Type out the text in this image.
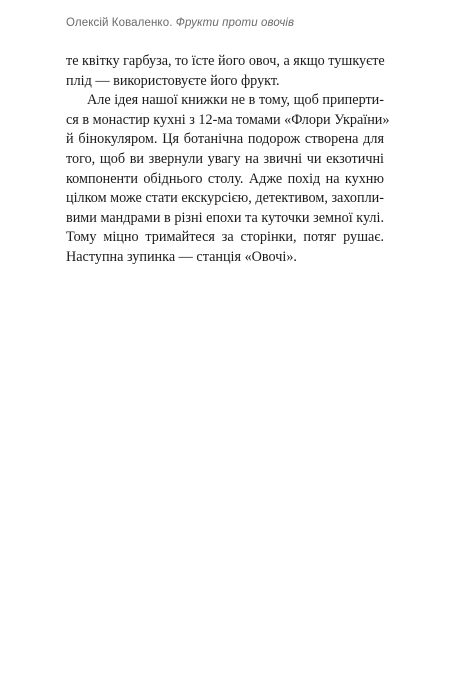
Олексій Коваленко. Фрукти проти овочів
те квітку гарбуза, то їсте його овоч, а якщо тушкуєте
плід — використовуєте його фрукт.
Але ідея нашої книжки не в тому, щоб приперти-
ся в монастир кухні з 12-ма томами «Флори України»
й бінокуляром. Ця ботанічна подорож створена для
того, щоб ви звернули увагу на звичні чи екзотичні
компоненти обіднього столу. Адже похід на кухню
цілком може стати екскурсією, детективом, захопли-
вими мандрами в різні епохи та куточки земної кулі.
Тому міцно тримайтеся за сторінки, потяг рушає.
Наступна зупинка — станція «Овочі».
